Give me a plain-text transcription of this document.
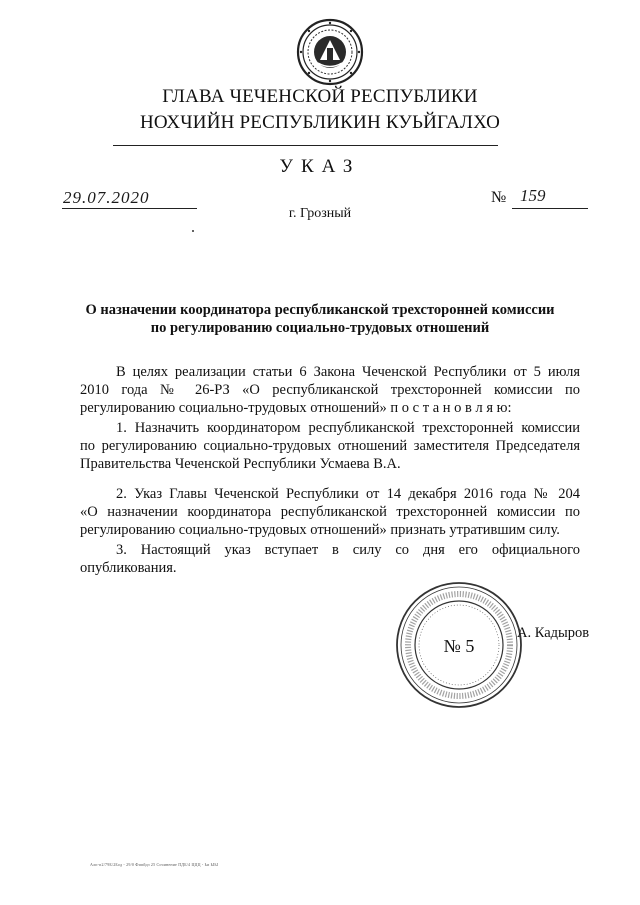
ГЛАВА ЧЕЧЕНСКОЙ РЕСПУБЛИКИ
НОХЧИЙН РЕСПУБЛИКИН КУЬЙГАЛХО
УКАЗ
29.07.2020	№ 159
г. Грозный
О назначении координатора республиканской трехсторонней комиссии
по регулированию социально-трудовых отношений
В целях реализации статьи 6 Закона Чеченской Республики от 5 июля
2010 года № 26-РЗ «О республиканской трехсторонней комиссии по
регулированию социально-трудовых отношений» п о с т а н о в л я ю:
1. Назначить координатором республиканской трехсторонней комиссии
по регулированию социально-трудовых отношений заместителя Председателя
Правительства Чеченской Республики Усмаева В.А.
2. Указ Главы Чеченской Республики от 14 декабря 2016 года № 204
«О назначении координатора республиканской трехсторонней комиссии по
регулированию социально-трудовых отношений» признать утратившим силу.
3. Настоящий указ вступает в силу со дня его официального
опубликования.
№ 5
А. Кадыров
Алп-п2/79Б/2Бод - 29/0 Фипйдз 25 Сочинение ПДБ/4 ЦЦЦ - Ьи ЫЫ
